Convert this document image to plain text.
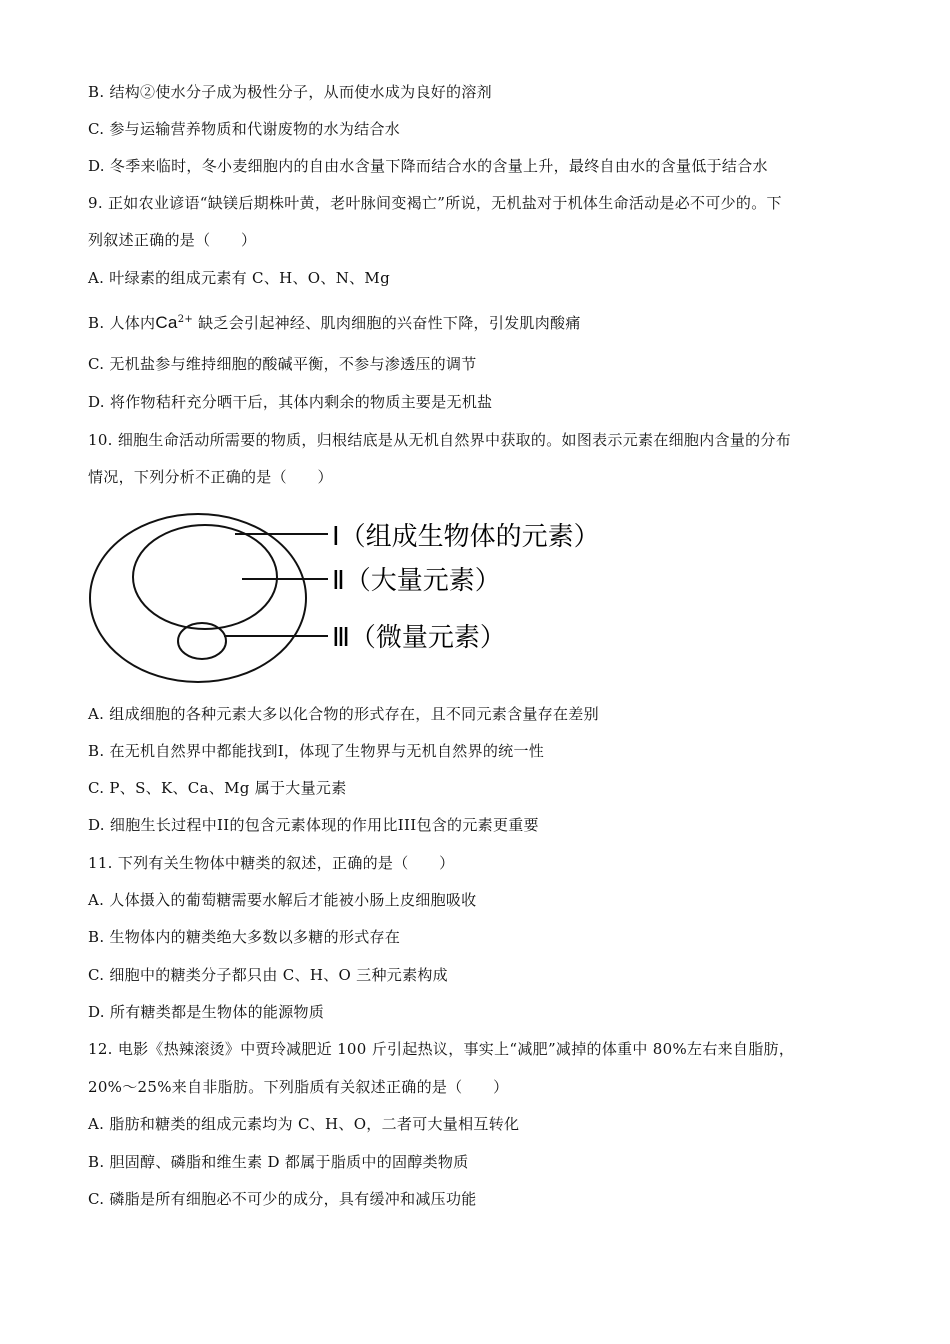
B. 结构②使水分子成为极性分子，从而使水成为良好的溶剂
C. 参与运输营养物质和代谢废物的水为结合水
D. 冬季来临时，冬小麦细胞内的自由水含量下降而结合水的含量上升，最终自由水的含量低于结合水
9. 正如农业谚语“缺镁后期株叶黄，老叶脉间变褐亡”所说，无机盐对于机体生命活动是必不可少的。下
列叙述正确的是（　　）
A. 叶绿素的组成元素有 C、H、O、N、Mg
B. 人体内$Ca^{2+}$ 缺乏会引起神经、肌肉细胞的兴奋性下降，引发肌肉酸痛
C. 无机盐参与维持细胞的酸碱平衡，不参与渗透压的调节
D. 将作物秸秆充分晒干后，其体内剩余的物质主要是无机盐
10. 细胞生命活动所需要的物质，归根结底是从无机自然界中获取的。如图表示元素在细胞内含量的分布
情况，下列分析不正确的是（　　）
Ⅰ（组成生物体的元素）
Ⅱ（大量元素）
Ⅲ（微量元素）
A. 组成细胞的各种元素大多以化合物的形式存在，且不同元素含量存在差别
B. 在无机自然界中都能找到I，体现了生物界与无机自然界的统一性
C. P、S、K、Ca、Mg 属于大量元素
D. 细胞生长过程中II的包含元素体现的作用比III包含的元素更重要
11. 下列有关生物体中糖类的叙述，正确的是（　　）
A. 人体摄入的葡萄糖需要水解后才能被小肠上皮细胞吸收
B. 生物体内的糖类绝大多数以多糖的形式存在
C. 细胞中的糖类分子都只由 C、H、O 三种元素构成
D. 所有糖类都是生物体的能源物质
12. 电影《热辣滚烫》中贾玲减肥近 100 斤引起热议，事实上“减肥”减掉的体重中 80%左右来自脂肪，
20%～25%来自非脂肪。下列脂质有关叙述正确的是（　　）
A. 脂肪和糖类的组成元素均为 C、H、O，二者可大量相互转化
B. 胆固醇、磷脂和维生素 D 都属于脂质中的固醇类物质
C. 磷脂是所有细胞必不可少的成分，具有缓冲和减压功能
